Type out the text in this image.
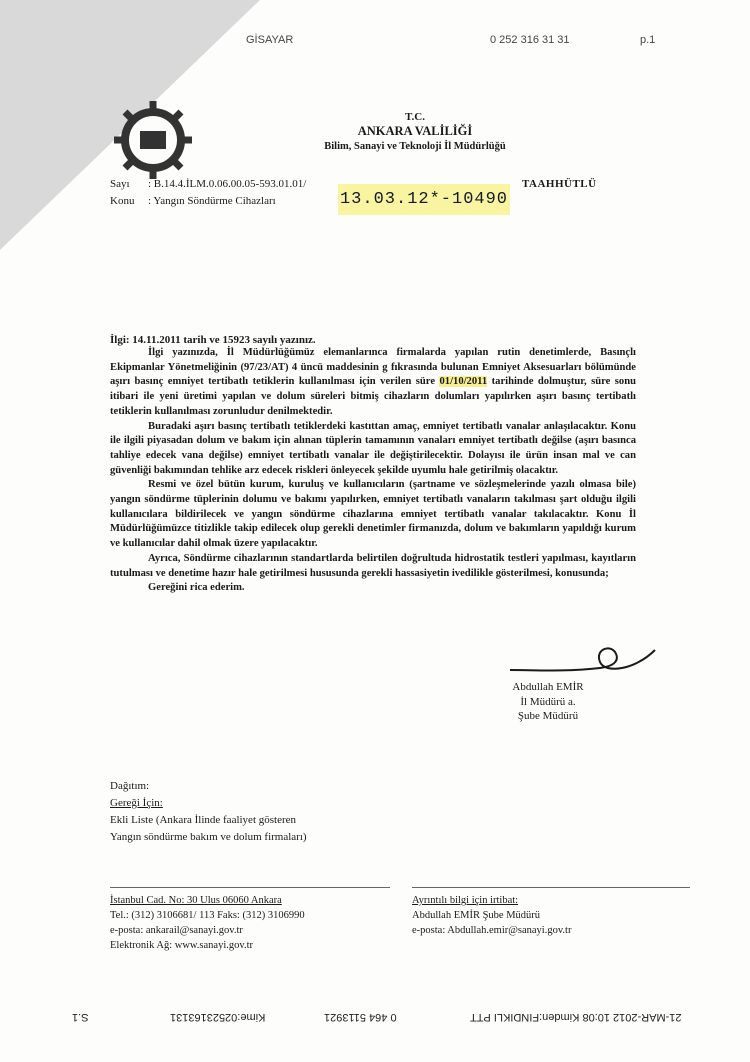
GİSAYAR	0 252 316 31 31	p.1
T.C.
ANKARA VALİLİĞİ
Bilim, Sanayi ve Teknoloji İl Müdürlüğü
Sayı : B.14.4.İLM.0.06.00.05-593.01.01/
Konu : Yangın Söndürme Cihazları	13.03.12*-10490
TAAHHÜTLÜ
İlgi: 14.11.2011 tarih ve 15923 sayılı yazınız.

İlgi yazınızda, İl Müdürlüğümüz elemanlarınca firmalarda yapılan rutin denetimlerde, Basınçlı Ekipmanlar Yönetmeliğinin (97/23/AT) 4 üncü maddesinin g fıkrasında bulunan Emniyet Aksesuarları bölümünde aşırı basınç emniyet tertibatlı tetiklerin kullanılması için verilen süre 01/10/2011 tarihinde dolmuştur, süre sonu itibari ile yeni üretimi yapılan ve dolum süreleri bitmiş cihazların dolumları yapılırken aşırı basınç tertibatlı tetiklerin kullanılması zorunludur denilmektedir.

Buradaki aşırı basınç tertibatlı tetiklerdeki kastıttan amaç, emniyet tertibatlı vanalar anlaşılacaktır. Konu ile ilgili piyasadan dolum ve bakım için alınan tüplerin tamamının vanaları emniyet tertibatlı değilse (aşırı basınca tahliye edecek vana değilse) emniyet tertibatlı vanalar ile değiştirilecektir. Dolayısı ile ürün insan mal ve can güvenliği bakımından tehlike arz edecek riskleri önleyecek şekilde uyumlu hale getirilmiş olacaktır.

Resmi ve özel bütün kurum, kuruluş ve kullanıcıların (şartname ve sözleşmelerinde yazılı olmasa bile) yangın söndürme tüplerinin dolumu ve bakımı yapılırken, emniyet tertibatlı vanaların takılması şart olduğu ilgili kullanıcılara bildirilecek ve yangın söndürme cihazlarına emniyet tertibatlı vanalar takılacaktır. Konu İl Müdürlüğümüzce titizlikle takip edilecek olup gerekli denetimler firmanızda, dolum ve bakımların yapıldığı kurum ve kullanıcılar dahil olmak üzere yapılacaktır.

Ayrıca, Söndürme cihazlarının standartlarda belirtilen doğrultuda hidrostatik testleri yapılması, kayıtların tutulması ve denetime hazır hale getirilmesi hususunda gerekli hassasiyetin ivedilikle gösterilmesi, konusunda;

Gereğini rica ederim.

Abdullah EMİR
İl Müdürü a.
Şube Müdürü
Dağıtım:
Gereği İçin:
Ekli Liste (Ankara İlinde faaliyet gösteren
Yangın söndürme bakım ve dolum firmaları)
İstanbul Cad. No: 30 Ulus 06060 Ankara
Tel.: (312) 3106681/ 113 Faks: (312) 3106990
e-posta: ankarail@sanayi.gov.tr
Elektronik Ağ: www.sanayi.gov.tr
Ayrıntılı bilgi için irtibat:
Abdullah EMİR Şube Müdürü
e-posta: Abdullah.emir@sanayi.gov.tr
S.1	Kime:02523163131	0 464 5113921	21-MAR-2012 10:08 Kimden:FINDIKLI PTT
